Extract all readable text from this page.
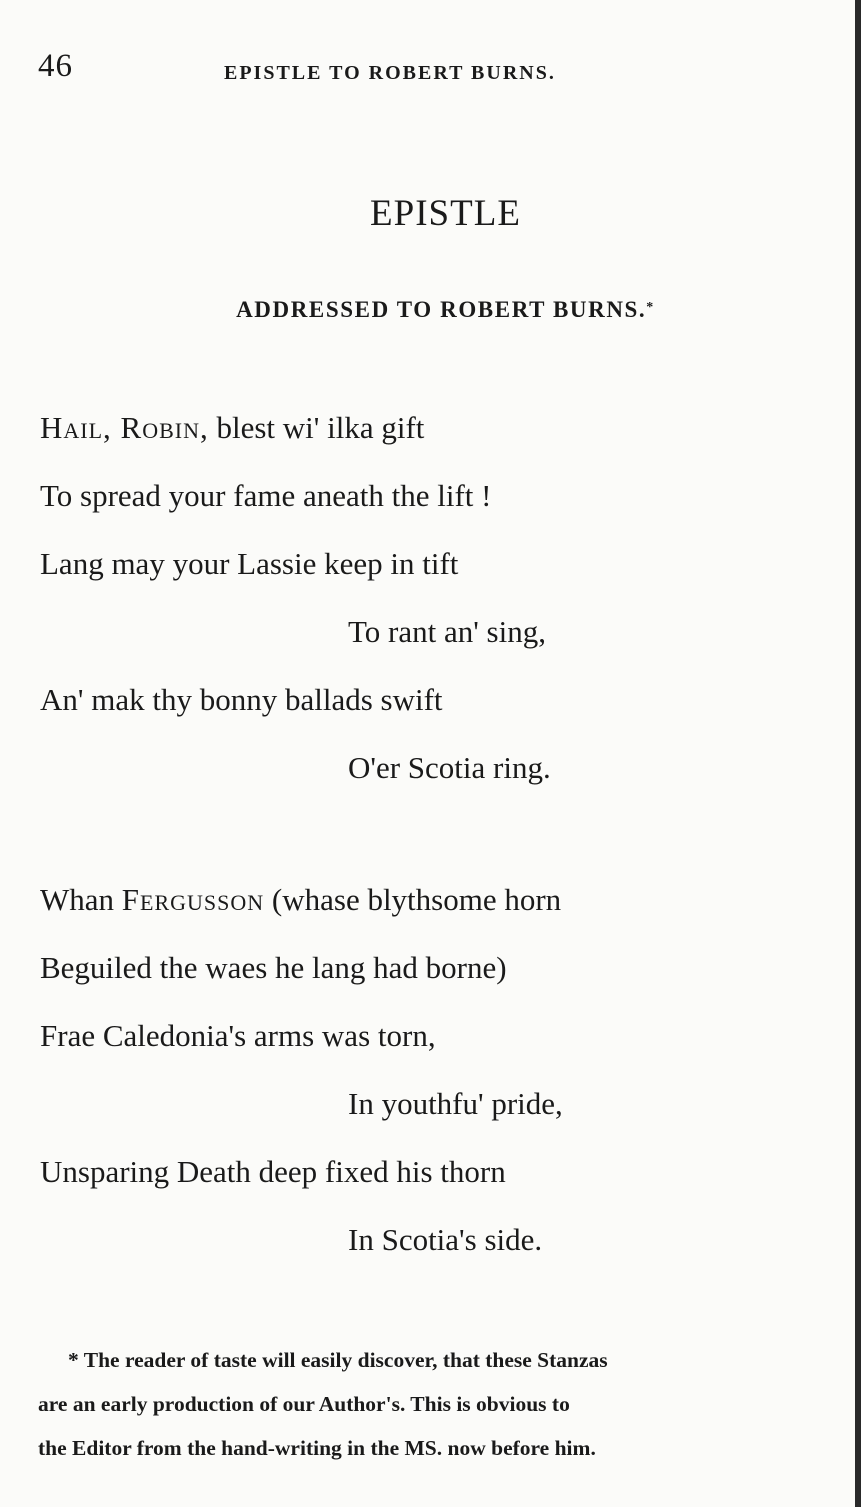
46	EPISTLE TO ROBERT BURNS.
EPISTLE
ADDRESSED TO ROBERT BURNS.*
Hail, Robin, blest wi' ilka gift
To spread your fame aneath the lift !
Lang may your Lassie keep in tift
To rant an' sing,
An' mak thy bonny ballads swift
O'er Scotia ring.
Whan Fergusson (whase blythsome horn
Beguiled the waes he lang had borne)
Frae Caledonia's arms was torn,
In youthfu' pride,
Unsparing Death deep fixed his thorn
In Scotia's side.
* The reader of taste will easily discover, that these Stanzas
are an early production of our Author's. This is obvious to
the Editor from the hand-writing in the MS. now before him.
